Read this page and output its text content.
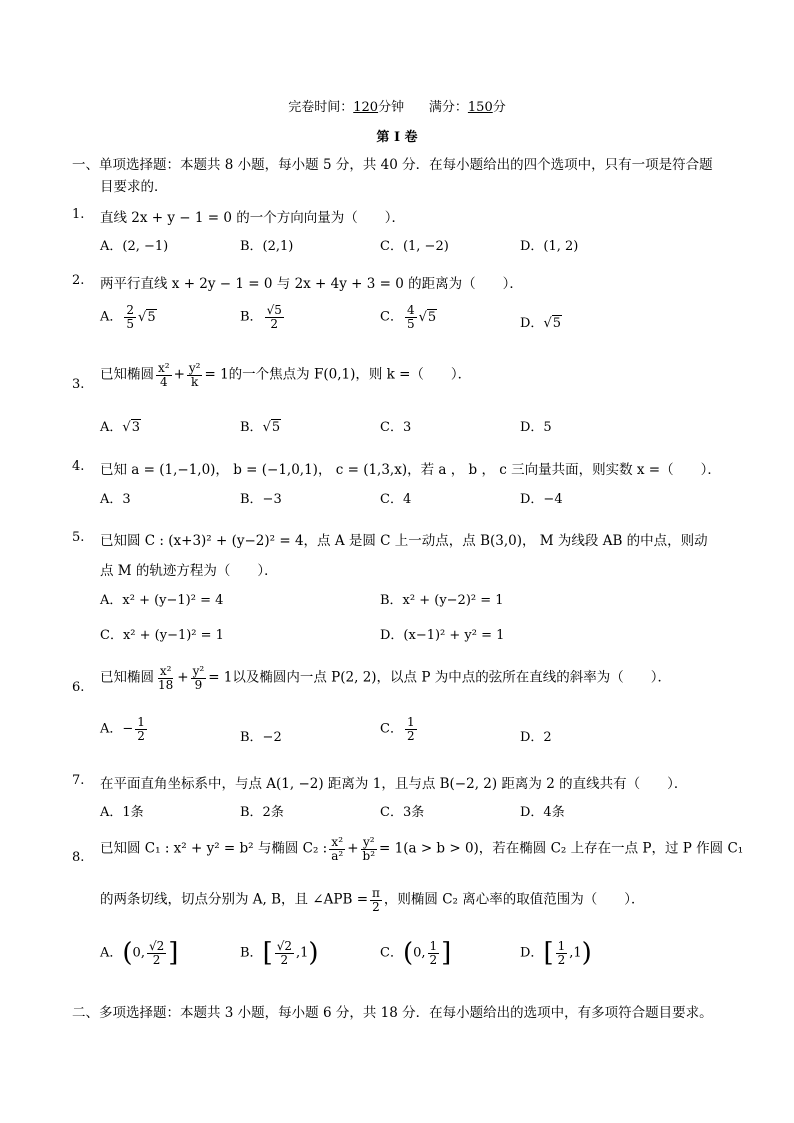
完卷时间：120分钟 满分：150分
第 I 卷
一、单项选择题：本题共 8 小题，每小题 5 分，共 40 分．在每小题给出的四个选项中，只有一项是符合题
目要求的．
1. 直线 2x + y − 1 = 0 的一个方向向量为（　　）．
A．(2, −1)	B．(2,1)	C．(1, −2)	D．(1, 2)
2. 两平行直线 x + 2y − 1 = 0 与 2x + 4y + 3 = 0 的距离为（　　）．
A． $\frac{2}{5} √5$	B． $\frac{√5}{2}$	C． $\frac{4}{5} √5$	D．√5
3.
已知椭圆 $\frac{\text{x²}}{4} + \frac{\text{y²}}{k} = 1$的一个焦点为 F(0,1)，则 k =（　　）．
A．√3	B．√5	C．3	D．5
4. 已知 a = (1,−1,0)， b = (−1,0,1)， c = (1,3,x)，若 a ， b ， c 三向量共面，则实数 x =（　　）．
A．3	B．−3	C．4	D．−4
5. 已知圆 C : (x+3)² + (y−2)² = 4，点 A 是圆 C 上一动点，点 B(3,0)， M 为线段 AB 的中点，则动
点 M 的轨迹方程为（　　）．
A．x² + (y−1)² = 4	B．x² + (y−2)² = 1
C．x² + (y−1)² = 1	D．(x−1)² + y² = 1
6.
已知椭圆 $\frac{\text{x²}}{18} + \frac{\text{y²}}{9} = 1$以及椭圆内一点 P(2, 2)，以点 P 为中点的弦所在直线的斜率为（　　）．
A．− $\frac{1}{2}$	B．−2
C． $\frac{1}{2}$	D．2
7. 在平面直角坐标系中，与点 A(1, −2) 距离为 1，且与点 B(−2, 2) 距离为 2 的直线共有（　　）．
A．1条	B．2条	C．3条	D．4条
8.
已知圆 C₁ : x² + y² = b² 与椭圆 C₂ : $\frac{\text{x²}}{\text{a²}} + \frac{\text{y²}}{\text{b²}} = 1(a > b > 0)$，若在椭圆 C₂ 上存在一点 P，过 P 作圆 C₁
的两条切线，切点分别为 A, B，且 ∠APB = $\frac{\pi}{2}$ ，则椭圆 C₂ 离心率的取值范围为（　　）．
A．(0, $\frac{√2}{2}$ ]	B．[ $\frac{√2}{2} ,1$)	C．(0, $\frac{1}{2}$ ]	D．[ $\frac{1}{2} ,1$)
二、多项选择题：本题共 3 小题，每小题 6 分，共 18 分．在每小题给出的选项中，有多项符合题目要求。
